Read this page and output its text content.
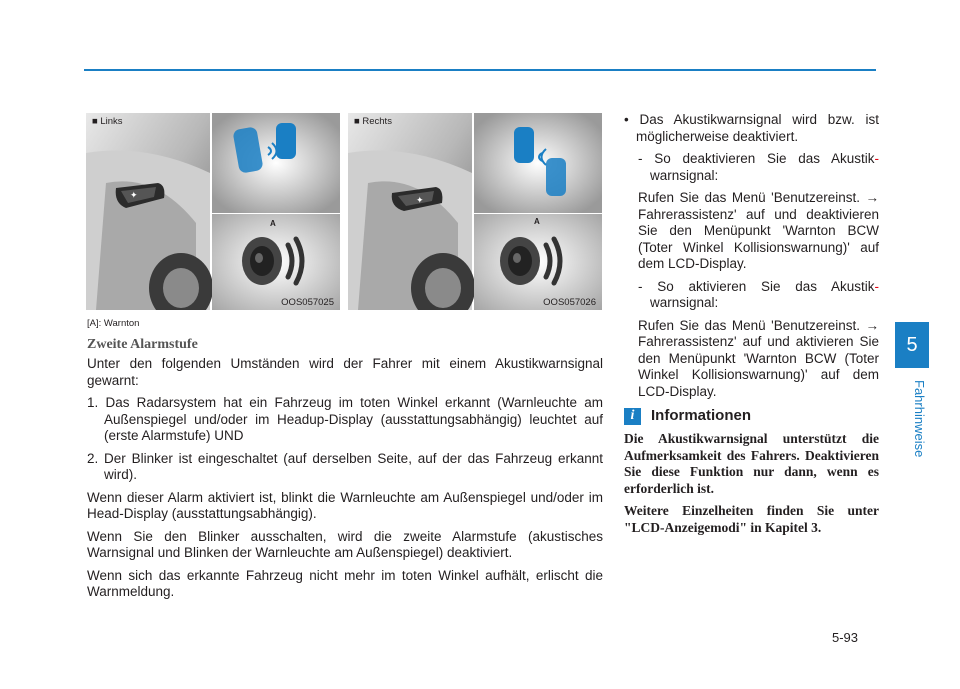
✦
■ Links
A
OOS057025
✦
■ Rechts
A
OOS057026
[A]: Warnton
Zweite Alarmstufe

Unter den folgenden Umständen wird der Fahrer mit einem Akustikwarnsignal gewarnt:

1. Das Radarsystem hat ein Fahrzeug im toten Winkel erkannt (Warnleuchte am Außenspiegel und/oder im Headup-Display (ausstattungsabhängig) leuchtet auf (erste Alarmstufe) UND

2. Der Blinker ist eingeschaltet (auf derselben Seite, auf der das Fahrzeug erkannt wird).

Wenn dieser Alarm aktiviert ist, blinkt die Warnleuchte am Außenspiegel und/oder im Head-Display (ausstattungsabhängig).

Wenn Sie den Blinker ausschalten, wird die zweite Alarmstufe (akustisches Warnsignal und Blinken der Warnleuchte am Außenspiegel) deaktiviert.

Wenn sich das erkannte Fahrzeug nicht mehr im toten Winkel aufhält, erlischt die Warnmeldung.

• Das Akustikwarnsignal wird bzw. ist möglicherweise deaktiviert.

- So deaktivieren Sie das Akustik- warnsignal:

Rufen Sie das Menü 'Benutzereinst. → Fahrerassistenz' auf und deaktivieren Sie den Menüpunkt 'Warnton BCW (Toter Winkel Kollisionswarnung)' auf dem LCD-Display.

- So aktivieren Sie das Akustik- warnsignal:

Rufen Sie das Menü 'Benutzereinst. → Fahrerassistenz' auf und aktivieren Sie den Menüpunkt 'Warnton BCW (Toter Winkel Kollisionswarnung)' auf dem LCD-Display.

i	Informationen

Die Akustikwarnsignal unterstützt die Aufmerksamkeit des Fahrers. Deaktivieren Sie diese Funktion nur dann, wenn es erforderlich ist.

Weitere Einzelheiten finden Sie unter "LCD-Anzeigemodi" in Kapitel 3.

5
Fahrhinweise
5-93
